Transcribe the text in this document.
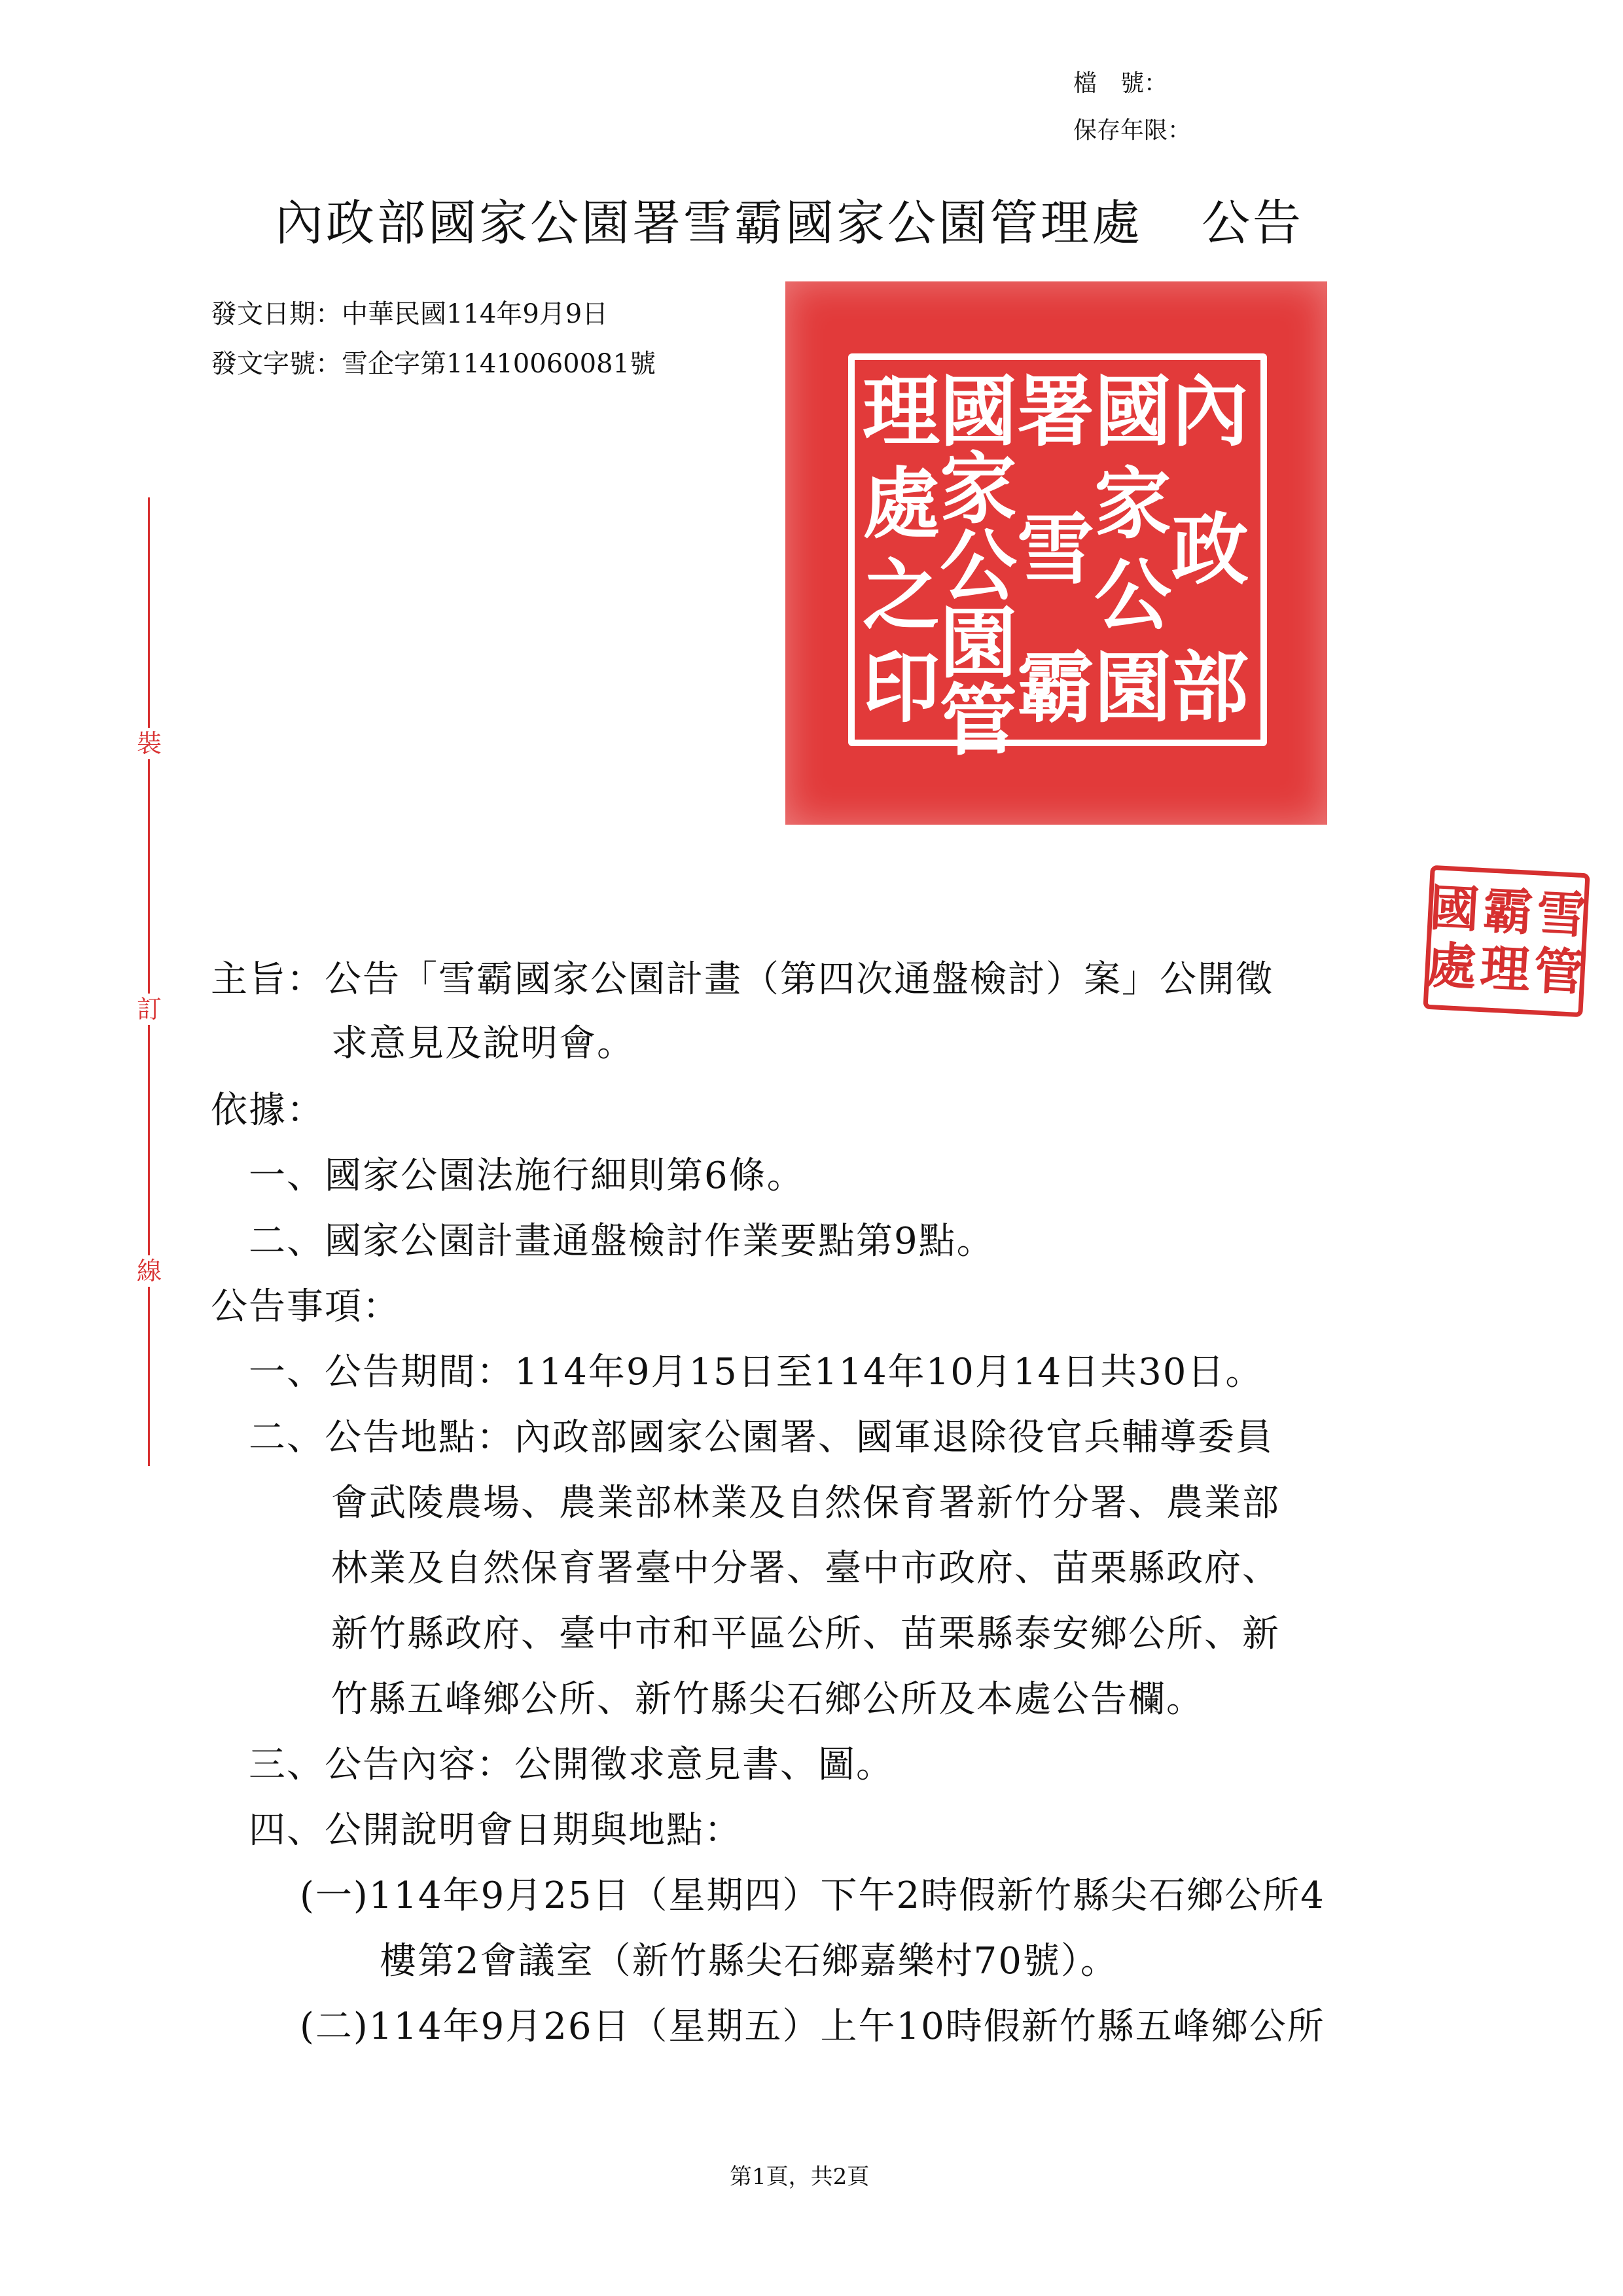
檔　號：
保存年限：
內政部國家公園署雪霸國家公園管理處 公告
發文日期：中華民國114年9月9日
發文字號：雪企字第11410060081號
裝
訂
線
內
政
部
國
家
公
園
署
雪
霸
國
家
公
園
管
理
處
之
印
雪
管
霸
理
國
處
主旨：公告「雪霸國家公園計畫（第四次通盤檢討）案」公開徵
求意見及說明會。
依據：
一、國家公園法施行細則第6條。
二、國家公園計畫通盤檢討作業要點第9點。
公告事項：
一、公告期間：114年9月15日至114年10月14日共30日。
二、公告地點：內政部國家公園署、國軍退除役官兵輔導委員
會武陵農場、農業部林業及自然保育署新竹分署、農業部
林業及自然保育署臺中分署、臺中市政府、苗栗縣政府、
新竹縣政府、臺中市和平區公所、苗栗縣泰安鄉公所、新
竹縣五峰鄉公所、新竹縣尖石鄉公所及本處公告欄。
三、公告內容：公開徵求意見書、圖。
四、公開說明會日期與地點：
(一)114年9月25日（星期四）下午2時假新竹縣尖石鄉公所4
樓第2會議室（新竹縣尖石鄉嘉樂村70號）。
(二)114年9月26日（星期五）上午10時假新竹縣五峰鄉公所
第1頁，共2頁
